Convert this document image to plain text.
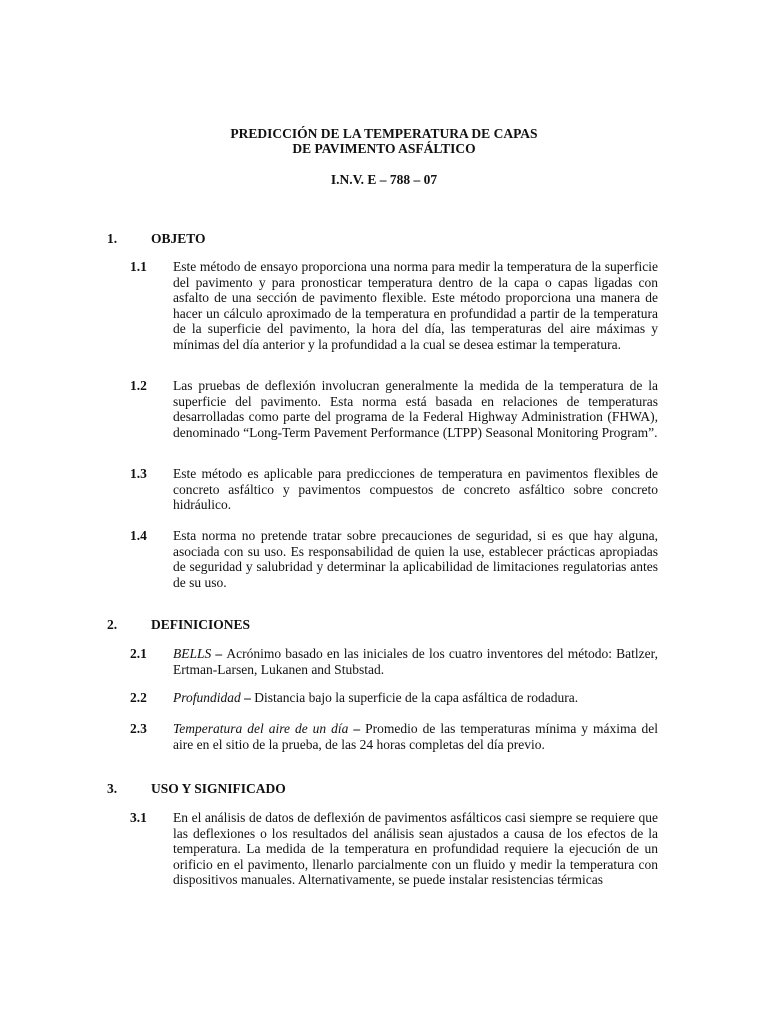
PREDICCIÓN DE LA TEMPERATURA DE CAPAS
DE PAVIMENTO ASFÁLTICO
I.N.V. E – 788 – 07
1.	OBJETO
1.1 Este método de ensayo proporciona una norma para medir la temperatura de la superficie del pavimento y para pronosticar temperatura dentro de la capa o capas ligadas con asfalto de una sección de pavimento flexible. Este método proporciona una manera de hacer un cálculo aproximado de la temperatura en profundidad a partir de la temperatura de la superficie del pavimento, la hora del día, las temperaturas del aire máximas y mínimas del día anterior y la profundidad a la cual se desea estimar la temperatura.
1.2 Las pruebas de deflexión involucran generalmente la medida de la temperatura de la superficie del pavimento. Esta norma está basada en relaciones de temperaturas desarrolladas como parte del programa de la Federal Highway Administration (FHWA), denominado “Long-Term Pavement Performance (LTPP) Seasonal Monitoring Program”.
1.3 Este método es aplicable para predicciones de temperatura en pavimentos flexibles de concreto asfáltico y pavimentos compuestos de concreto asfáltico sobre concreto hidráulico.
1.4 Esta norma no pretende tratar sobre precauciones de seguridad, si es que hay alguna, asociada con su uso. Es responsabilidad de quien la use, establecer prácticas apropiadas de seguridad y salubridad y determinar la aplicabilidad de limitaciones regulatorias antes de su uso.
2.	DEFINICIONES
2.1 BELLS – Acrónimo basado en las iniciales de los cuatro inventores del método: Batlzer, Ertman-Larsen, Lukanen and Stubstad.
2.2 Profundidad – Distancia bajo la superficie de la capa asfáltica de rodadura.
2.3 Temperatura del aire de un día – Promedio de las temperaturas mínima y máxima del aire en el sitio de la prueba, de las 24 horas completas del día previo.
3.	USO Y SIGNIFICADO
3.1 En el análisis de datos de deflexión de pavimentos asfálticos casi siempre se requiere que las deflexiones o los resultados del análisis sean ajustados a causa de los efectos de la temperatura. La medida de la temperatura en profundidad requiere la ejecución de un orificio en el pavimento, llenarlo parcialmente con un fluido y medir la temperatura con dispositivos manuales. Alternativamente, se puede instalar resistencias térmicas
